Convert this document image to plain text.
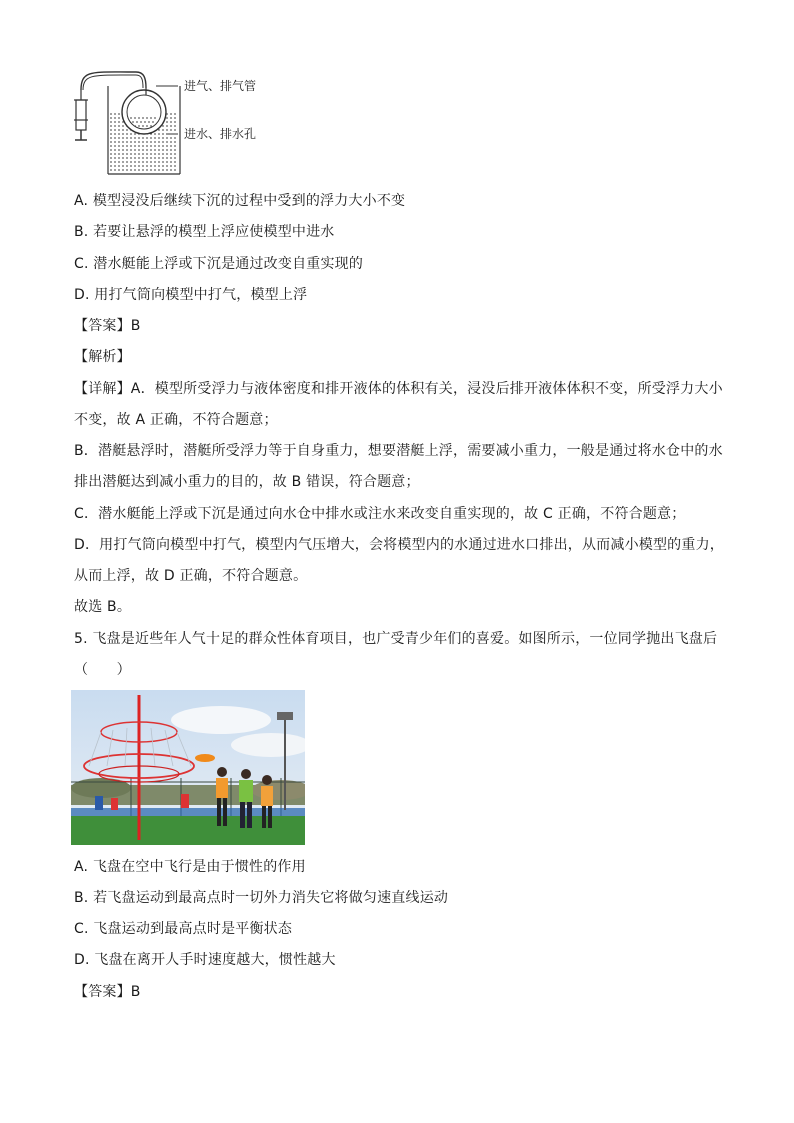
进气、排气管
进水、排水孔
A. 模型浸没后继续下沉的过程中受到的浮力大小不变
B. 若要让悬浮的模型上浮应使模型中进水
C. 潜水艇能上浮或下沉是通过改变自重实现的
D. 用打气筒向模型中打气，模型上浮
【答案】B
【解析】
【详解】A．模型所受浮力与液体密度和排开液体的体积有关，浸没后排开液体体积不变，所受浮力大小
不变，故 A 正确，不符合题意；
B．潜艇悬浮时，潜艇所受浮力等于自身重力，想要潜艇上浮，需要减小重力，一般是通过将水仓中的水
排出潜艇达到减小重力的目的，故 B 错误，符合题意；
C．潜水艇能上浮或下沉是通过向水仓中排水或注水来改变自重实现的，故 C 正确，不符合题意；
D．用打气筒向模型中打气，模型内气压增大，会将模型内的水通过进水口排出，从而减小模型的重力，
从而上浮，故 D 正确，不符合题意。
故选 B。
5. 飞盘是近些年人气十足的群众性体育项目，也广受青少年们的喜爱。如图所示，一位同学抛出飞盘后
（　　）
A. 飞盘在空中飞行是由于惯性的作用
B. 若飞盘运动到最高点时一切外力消失它将做匀速直线运动
C. 飞盘运动到最高点时是平衡状态
D. 飞盘在离开人手时速度越大，惯性越大
【答案】B
